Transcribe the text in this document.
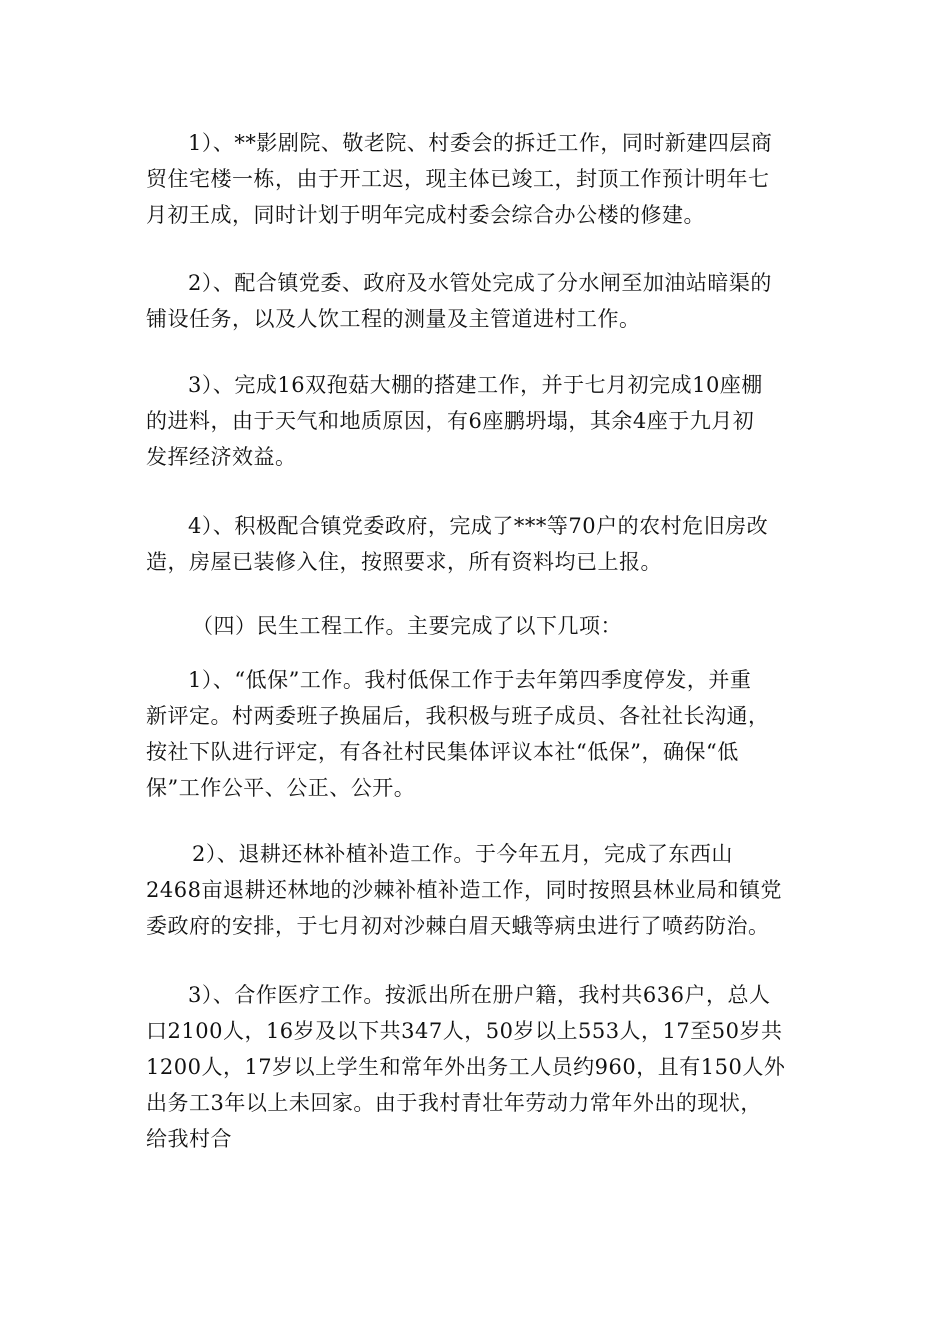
1）、**影剧院、敬老院、村委会的拆迁工作，同时新建四层商
贸住宅楼一栋，由于开工迟，现主体已竣工，封顶工作预计明年七
月初王成，同时计划于明年完成村委会综合办公楼的修建。
2）、配合镇党委、政府及水管处完成了分水闸至加油站暗渠的
铺设任务，以及人饮工程的测量及主管道进村工作。
3）、完成16双孢菇大棚的搭建工作，并于七月初完成10座棚
的进料，由于天气和地质原因，有6座鹏坍塌，其余4座于九月初
发挥经济效益。
4）、积极配合镇党委政府，完成了***等70户的农村危旧房改
造，房屋已装修入住，按照要求，所有资料均已上报。
（四）民生工程工作。主要完成了以下几项：
1）、“低保”工作。我村低保工作于去年第四季度停发，并重
新评定。村两委班子换届后，我积极与班子成员、各社社长沟通，
按社下队进行评定，有各社村民集体评议本社“低保”，确保“低
保”工作公平、公正、公开。
2）、退耕还林补植补造工作。于今年五月，完成了东西山
2468亩退耕还林地的沙棘补植补造工作，同时按照县林业局和镇党
委政府的安排，于七月初对沙棘白眉天蛾等病虫进行了喷药防治。
3）、合作医疗工作。按派出所在册户籍，我村共636户，总人
口2100人，16岁及以下共347人，50岁以上553人，17至50岁共
1200人，17岁以上学生和常年外出务工人员约960，且有150人外
出务工3年以上未回家。由于我村青壮年劳动力常年外出的现状，
给我村合
